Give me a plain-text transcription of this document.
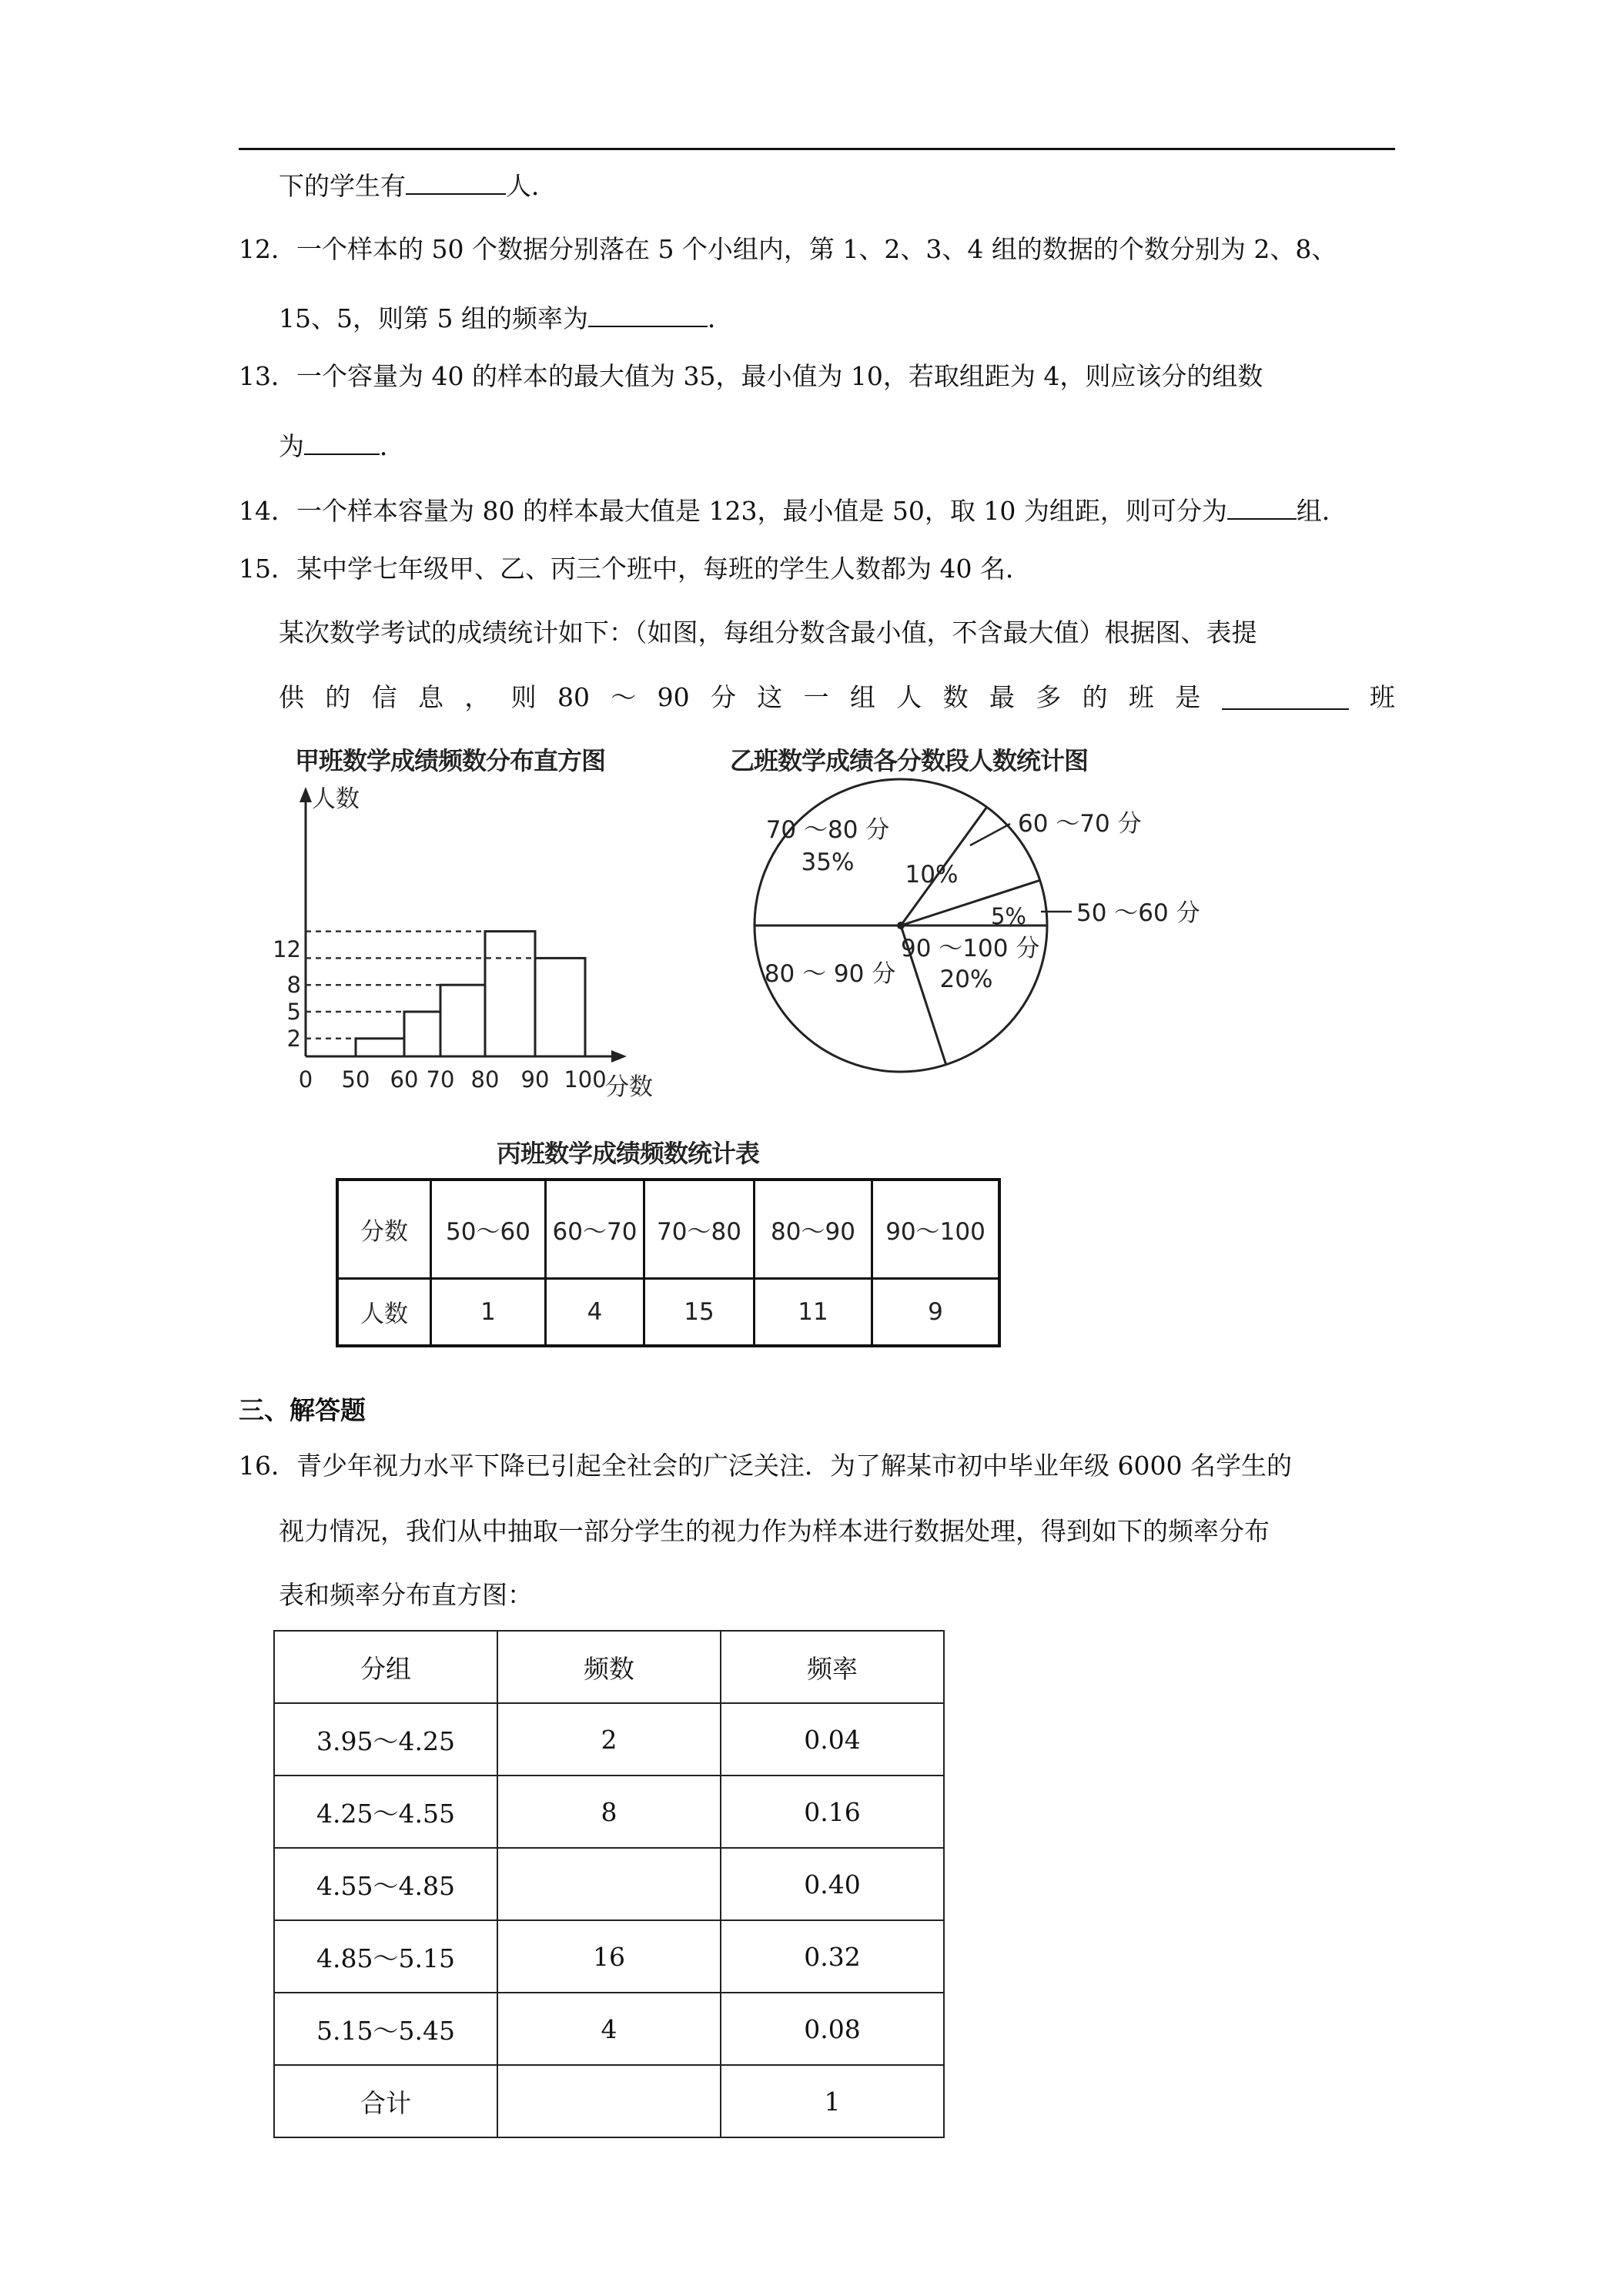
下的学生有	人．
12．一个样本的 50 个数据分别落在 5 个小组内，第 1、2、3、4 组的数据的个数分别为 2、8、
15、5，则第 5 组的频率为	．
13．一个容量为 40 的样本的最大值为 35，最小值为 10，若取组距为 4，则应该分的组数
为	．
14．一个样本容量为 80 的样本最大值是 123，最小值是 50，取 10 为组距，则可分为	组．
15．某中学七年级甲、乙、丙三个班中，每班的学生人数都为 40 名．
某次数学考试的成绩统计如下：（如图，每组分数含最小值，不含最大值）根据图、表提
供 的 信 息 ， 则 80 ～ 90 分 这 一 组 人 数 最 多 的 班 是	班
甲班数学成绩频数分布直方图
人数
分数
2
5
8
12
0 50 60 70 80 90 100
乙班数学成绩各分数段人数统计图
70 ～80 分
35% 10%
60 ～70 分
5% 50 ～60 分
90 ～100 分
20%
80 ～ 90 分
丙班数学成绩频数统计表
分数	50～60	60～70	70～80	80～90	90～100
人数	1	4	15	11	9
三、解答题
16．青少年视力水平下降已引起全社会的广泛关注．为了解某市初中毕业年级 6000 名学生的
视力情况，我们从中抽取一部分学生的视力作为样本进行数据处理，得到如下的频率分布
表和频率分布直方图：
分组	频数	频率
3.95～4.25	2	0.04
4.25～4.55	8	0.16
4.55～4.85		0.40
4.85～5.15	16	0.32
5.15～5.45	4	0.08
合计		1
